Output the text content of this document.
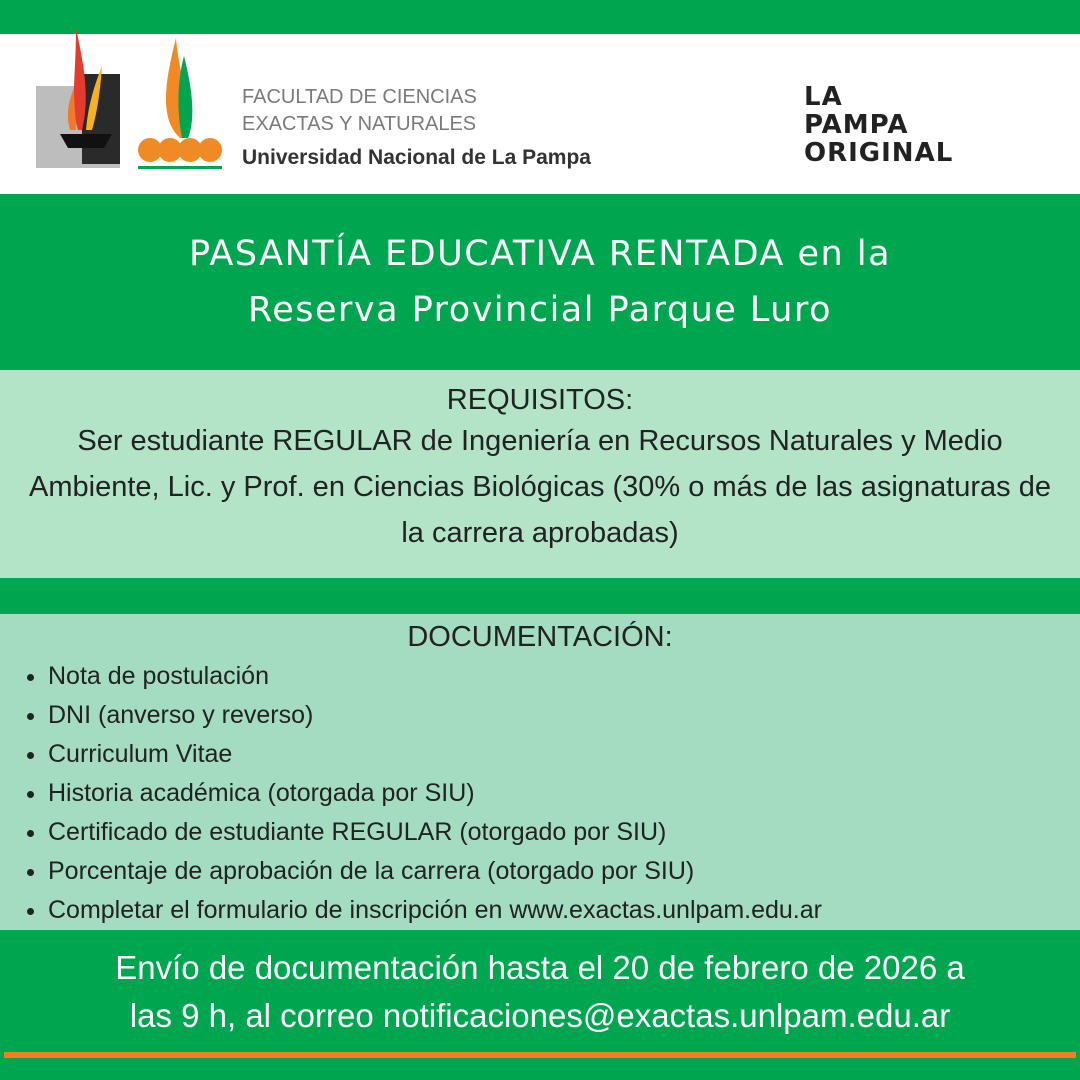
FACULTAD DE CIENCIAS
EXACTAS Y NATURALES
Universidad Nacional de La Pampa
LA
PAMPA
ORIGINAL
PASANTÍA EDUCATIVA RENTADA en la
Reserva Provincial Parque Luro
REQUISITOS:
Ser estudiante REGULAR de Ingeniería en Recursos Naturales y Medio Ambiente, Lic. y Prof. en Ciencias Biológicas (30% o más de las asignaturas de la carrera aprobadas)
DOCUMENTACIÓN:
• Nota de postulación
• DNI (anverso y reverso)
• Curriculum Vitae
• Historia académica (otorgada por SIU)
• Certificado de estudiante REGULAR (otorgado por SIU)
• Porcentaje de aprobación de la carrera (otorgado por SIU)
• Completar el formulario de inscripción en www.exactas.unlpam.edu.ar
Envío de documentación hasta el 20 de febrero de 2026 a
las 9 h, al correo notificaciones@exactas.unlpam.edu.ar
